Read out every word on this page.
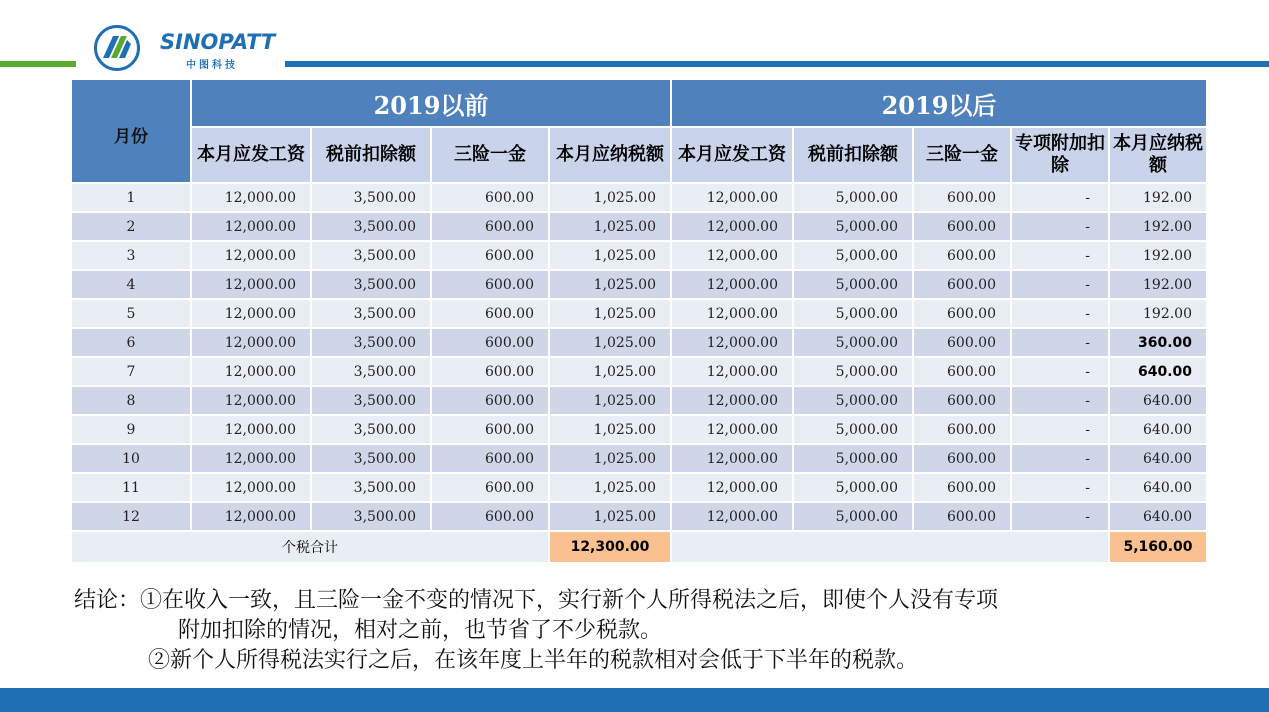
SINOPATT
中图科技
月份	2019以前				2019以后				
	本月应发工资	税前扣除额	三险一金	本月应纳税额	本月应发工资	税前扣除额	三险一金	专项附加扣除	本月应纳税额
1	12,000.00	3,500.00	600.00	1,025.00	12,000.00	5,000.00	600.00	-	192.00
2	12,000.00	3,500.00	600.00	1,025.00	12,000.00	5,000.00	600.00	-	192.00
3	12,000.00	3,500.00	600.00	1,025.00	12,000.00	5,000.00	600.00	-	192.00
4	12,000.00	3,500.00	600.00	1,025.00	12,000.00	5,000.00	600.00	-	192.00
5	12,000.00	3,500.00	600.00	1,025.00	12,000.00	5,000.00	600.00	-	192.00
6	12,000.00	3,500.00	600.00	1,025.00	12,000.00	5,000.00	600.00	-	360.00
7	12,000.00	3,500.00	600.00	1,025.00	12,000.00	5,000.00	600.00	-	640.00
8	12,000.00	3,500.00	600.00	1,025.00	12,000.00	5,000.00	600.00	-	640.00
9	12,000.00	3,500.00	600.00	1,025.00	12,000.00	5,000.00	600.00	-	640.00
10	12,000.00	3,500.00	600.00	1,025.00	12,000.00	5,000.00	600.00	-	640.00
11	12,000.00	3,500.00	600.00	1,025.00	12,000.00	5,000.00	600.00	-	640.00
12	12,000.00	3,500.00	600.00	1,025.00	12,000.00	5,000.00	600.00	-	640.00
个税合计				12,300.00					5,160.00
结论：①在收入一致，且三险一金不变的情况下，实行新个人所得税法之后，即使个人没有专项
附加扣除的情况，相对之前，也节省了不少税款。
②新个人所得税法实行之后，在该年度上半年的税款相对会低于下半年的税款。
